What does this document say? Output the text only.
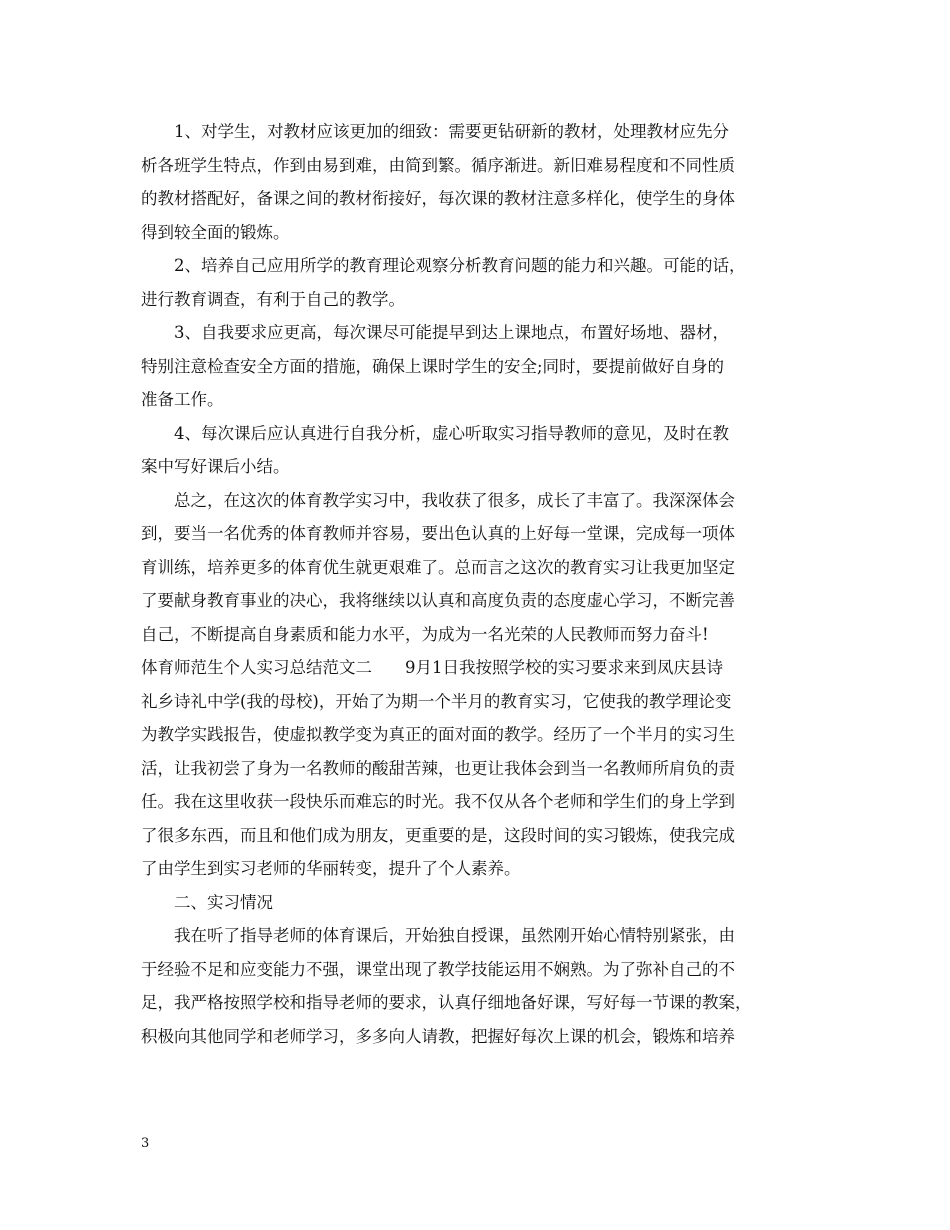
1、对学生，对教材应该更加的细致：需要更钻研新的教材，处理教材应先分
析各班学生特点，作到由易到难，由简到繁。循序渐进。新旧难易程度和不同性质
的教材搭配好，备课之间的教材衔接好，每次课的教材注意多样化，使学生的身体
得到较全面的锻炼。
2、培养自己应用所学的教育理论观察分析教育问题的能力和兴趣。可能的话，
进行教育调查，有利于自己的教学。
3、自我要求应更高，每次课尽可能提早到达上课地点，布置好场地、器材，
特别注意检查安全方面的措施，确保上课时学生的安全;同时，要提前做好自身的
准备工作。
4、每次课后应认真进行自我分析，虚心听取实习指导教师的意见，及时在教
案中写好课后小结。
总之，在这次的体育教学实习中，我收获了很多，成长了丰富了。我深深体会
到，要当一名优秀的体育教师并容易，要出色认真的上好每一堂课，完成每一项体
育训练，培养更多的体育优生就更艰难了。总而言之这次的教育实习让我更加坚定
了要献身教育事业的决心，我将继续以认真和高度负责的态度虚心学习，不断完善
自己，不断提高自身素质和能力水平，为成为一名光荣的人民教师而努力奋斗!
体育师范生个人实习总结范文二　　9月1日我按照学校的实习要求来到凤庆县诗
礼乡诗礼中学(我的母校)，开始了为期一个半月的教育实习，它使我的教学理论变
为教学实践报告，使虚拟教学变为真正的面对面的教学。经历了一个半月的实习生
活，让我初尝了身为一名教师的酸甜苦辣，也更让我体会到当一名教师所肩负的责
任。我在这里收获一段快乐而难忘的时光。我不仅从各个老师和学生们的身上学到
了很多东西，而且和他们成为朋友，更重要的是，这段时间的实习锻炼，使我完成
了由学生到实习老师的华丽转变，提升了个人素养。
二、实习情况
我在听了指导老师的体育课后，开始独自授课，虽然刚开始心情特别紧张，由
于经验不足和应变能力不强，课堂出现了教学技能运用不娴熟。为了弥补自己的不
足，我严格按照学校和指导老师的要求，认真仔细地备好课，写好每一节课的教案，
积极向其他同学和老师学习，多多向人请教，把握好每次上课的机会，锻炼和培养
3
